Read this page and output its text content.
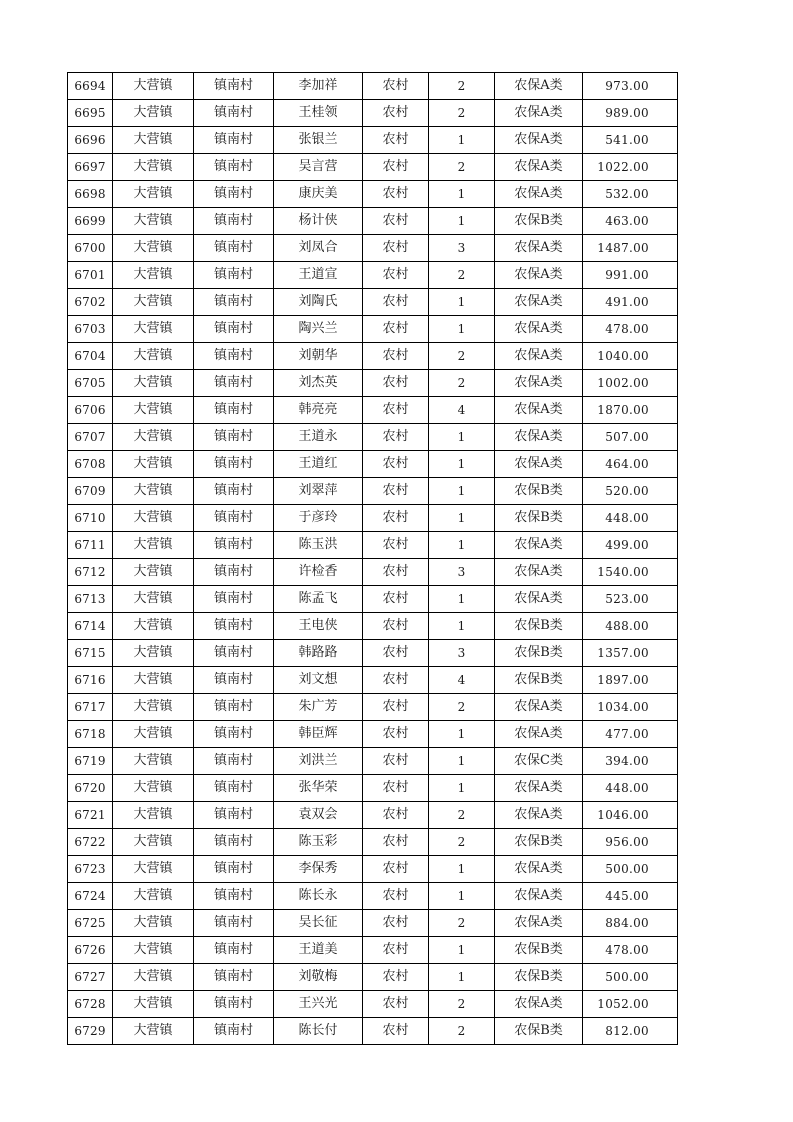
6694	大营镇	镇南村	李加祥	农村	2	农保A类	973.00
6695	大营镇	镇南村	王桂领	农村	2	农保A类	989.00
6696	大营镇	镇南村	张银兰	农村	1	农保A类	541.00
6697	大营镇	镇南村	吴言营	农村	2	农保A类	1022.00
6698	大营镇	镇南村	康庆美	农村	1	农保A类	532.00
6699	大营镇	镇南村	杨计侠	农村	1	农保B类	463.00
6700	大营镇	镇南村	刘凤合	农村	3	农保A类	1487.00
6701	大营镇	镇南村	王道宣	农村	2	农保A类	991.00
6702	大营镇	镇南村	刘陶氏	农村	1	农保A类	491.00
6703	大营镇	镇南村	陶兴兰	农村	1	农保A类	478.00
6704	大营镇	镇南村	刘朝华	农村	2	农保A类	1040.00
6705	大营镇	镇南村	刘杰英	农村	2	农保A类	1002.00
6706	大营镇	镇南村	韩亮亮	农村	4	农保A类	1870.00
6707	大营镇	镇南村	王道永	农村	1	农保A类	507.00
6708	大营镇	镇南村	王道红	农村	1	农保A类	464.00
6709	大营镇	镇南村	刘翠萍	农村	1	农保B类	520.00
6710	大营镇	镇南村	于彦玲	农村	1	农保B类	448.00
6711	大营镇	镇南村	陈玉洪	农村	1	农保A类	499.00
6712	大营镇	镇南村	许检香	农村	3	农保A类	1540.00
6713	大营镇	镇南村	陈孟飞	农村	1	农保A类	523.00
6714	大营镇	镇南村	王电侠	农村	1	农保B类	488.00
6715	大营镇	镇南村	韩路路	农村	3	农保B类	1357.00
6716	大营镇	镇南村	刘文想	农村	4	农保B类	1897.00
6717	大营镇	镇南村	朱广芳	农村	2	农保A类	1034.00
6718	大营镇	镇南村	韩臣辉	农村	1	农保A类	477.00
6719	大营镇	镇南村	刘洪兰	农村	1	农保C类	394.00
6720	大营镇	镇南村	张华荣	农村	1	农保A类	448.00
6721	大营镇	镇南村	袁双会	农村	2	农保A类	1046.00
6722	大营镇	镇南村	陈玉彩	农村	2	农保B类	956.00
6723	大营镇	镇南村	李保秀	农村	1	农保A类	500.00
6724	大营镇	镇南村	陈长永	农村	1	农保A类	445.00
6725	大营镇	镇南村	吴长征	农村	2	农保A类	884.00
6726	大营镇	镇南村	王道美	农村	1	农保B类	478.00
6727	大营镇	镇南村	刘敬梅	农村	1	农保B类	500.00
6728	大营镇	镇南村	王兴光	农村	2	农保A类	1052.00
6729	大营镇	镇南村	陈长付	农村	2	农保B类	812.00
